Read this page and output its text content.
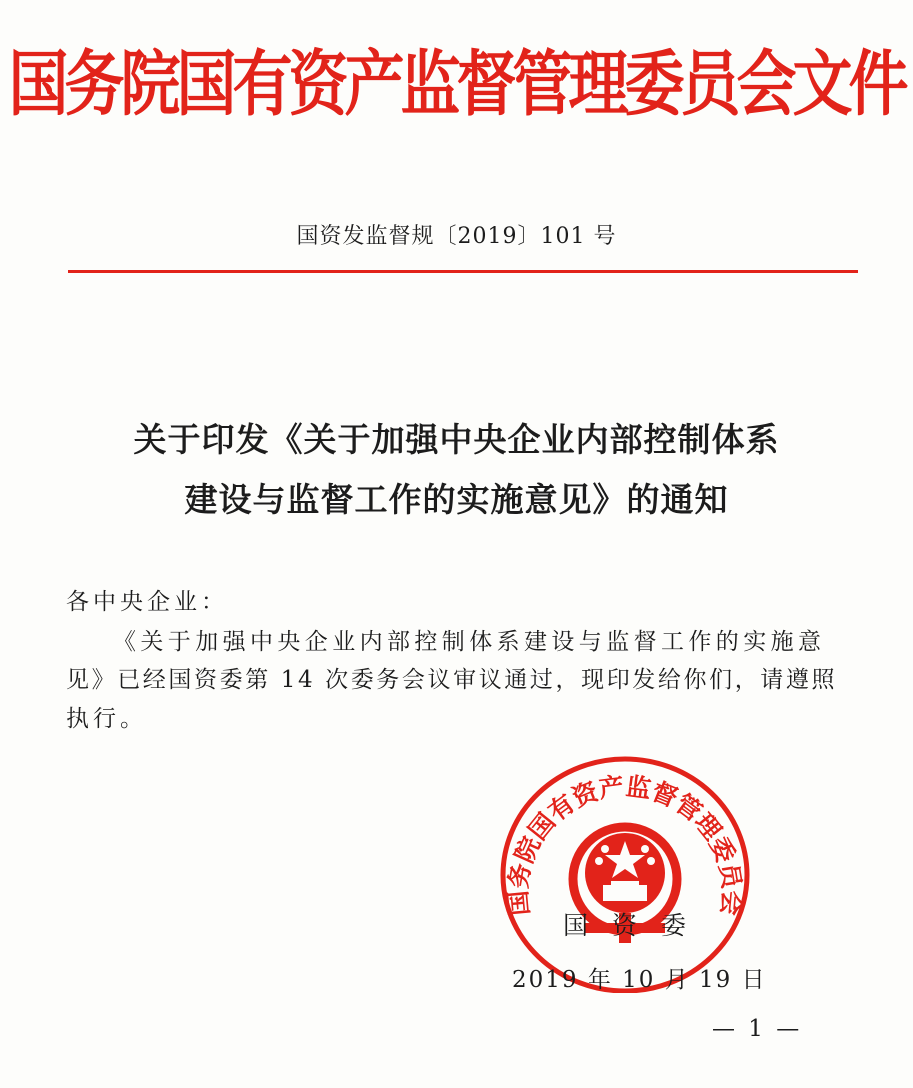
国务院国有资产监督管理委员会文件
国资发监督规〔2019〕101 号
关于印发《关于加强中央企业内部控制体系
建设与监督工作的实施意见》的通知
各中央企业：
《关于加强中央企业内部控制体系建设与监督工作的实施意
见》已经国资委第 14 次委务会议审议通过，现印发给你们，请遵照
执行。
国务院国有资产监督管理委员会
国资委
2019 年 10 月 19 日
— 1 —
